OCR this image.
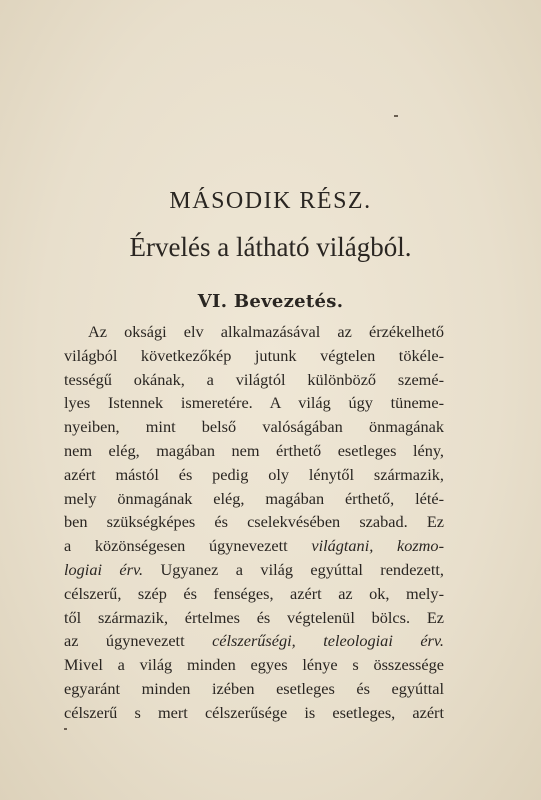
MÁSODIK RÉSZ.
Érvelés a látható világból.
VI. Bevezetés.
Az oksági elv alkalmazásával az érzékelhető
világból következőkép jutunk végtelen tökéle-
tességű okának, a világtól különböző szemé-
lyes Istennek ismeretére. A világ úgy tüneme-
nyeiben, mint belső valóságában önmagának
nem elég, magában nem érthető esetleges lény,
azért mástól és pedig oly lénytől származik,
mely önmagának elég, magában érthető, lété-
ben szükségképes és cselekvésében szabad. Ez
a közönségesen úgynevezett világtani, kozmo-
logiai érv. Ugyanez a világ egyúttal rendezett,
célszerű, szép és fenséges, azért az ok, mely-
től származik, értelmes és végtelenül bölcs. Ez
az úgynevezett célszerűségi, teleologiai érv.
Mivel a világ minden egyes lénye s összessége
egyaránt minden izében esetleges és egyúttal
célszerű s mert célszerűsége is esetleges, azért
